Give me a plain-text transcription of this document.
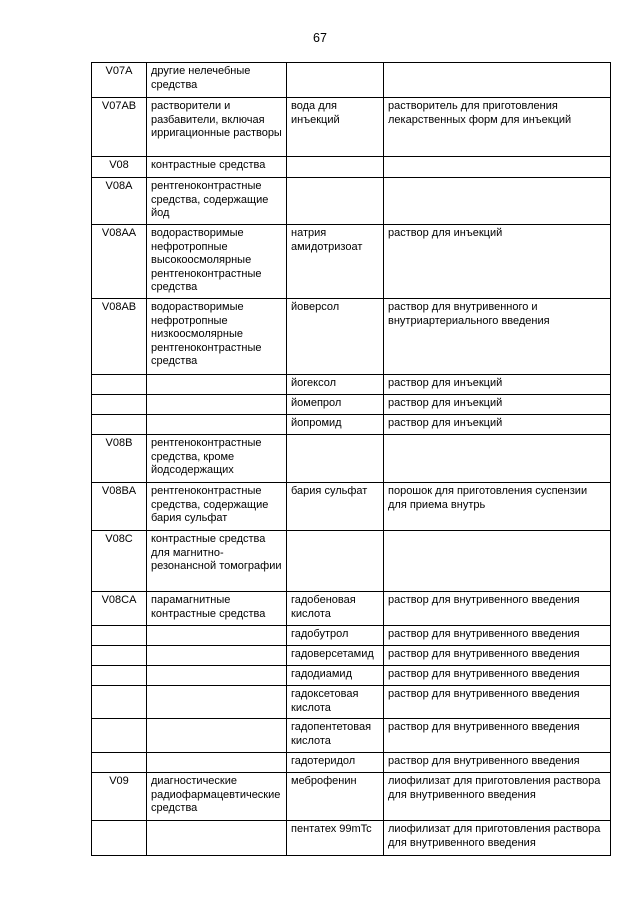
67
V07A	другие нелечебные средства		
V07AB	растворители и разбавители, включая ирригационные растворы	вода для инъекций	растворитель для приготовления лекарственных форм для инъекций
V08	контрастные средства		
V08A	рентгеноконтрастные средства, содержащие йод		
V08AA	водорастворимые нефротропные высокоосмолярные рентгеноконтрастные средства	натрия амидотризоат	раствор для инъекций
V08AB	водорастворимые нефротропные низкоосмолярные рентгеноконтрастные средства	йоверсол	раствор для внутривенного и внутриартериального введения
		йогексол	раствор для инъекций
		йомепрол	раствор для инъекций
		йопромид	раствор для инъекций
V08B	рентгеноконтрастные средства, кроме йодсодержащих		
V08BA	рентгеноконтрастные средства, содержащие бария сульфат	бария сульфат	порошок для приготовления суспензии для приема внутрь
V08C	контрастные средства для магнитно-резонансной томографии		
V08CA	парамагнитные контрастные средства	гадобеновая кислота	раствор для внутривенного введения
		гадобутрол	раствор для внутривенного введения
		гадоверсетамид	раствор для внутривенного введения
		гадодиамид	раствор для внутривенного введения
		гадоксетовая кислота	раствор для внутривенного введения
		гадопентетовая кислота	раствор для внутривенного введения
		гадотеридол	раствор для внутривенного введения
V09	диагностические радиофармацевтические средства	меброфенин	лиофилизат для приготовления раствора для внутривенного введения
		пентатех 99mTc	лиофилизат для приготовления раствора для внутривенного введения
